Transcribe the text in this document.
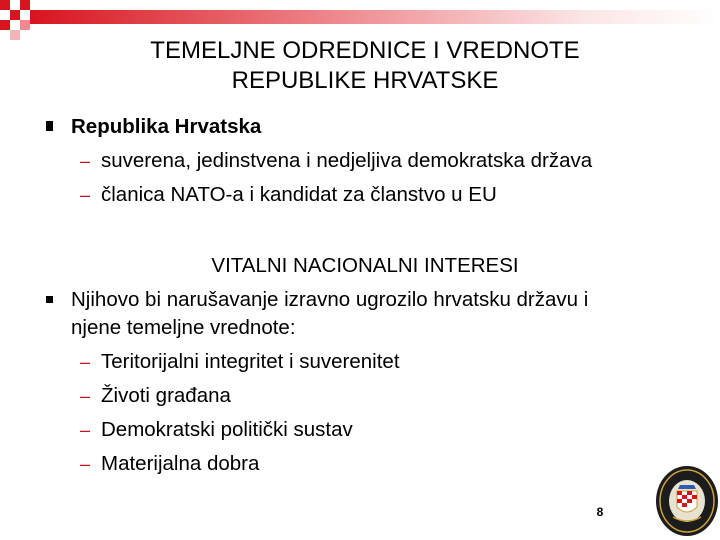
TEMELJNE ODREDNICE I VREDNOTE
REPUBLIKE HRVATSKE
Republika Hrvatska
– suverena, jedinstvena i nedjeljiva demokratska država
– članica NATO-a i kandidat za članstvo u EU
VITALNI NACIONALNI INTERESI
Njihovo bi narušavanje izravno ugrozilo hrvatsku državu i
njene temeljne vrednote:
– Teritorijalni integritet i suverenitet
– Životi građana
– Demokratski politički sustav
– Materijalna dobra
8
